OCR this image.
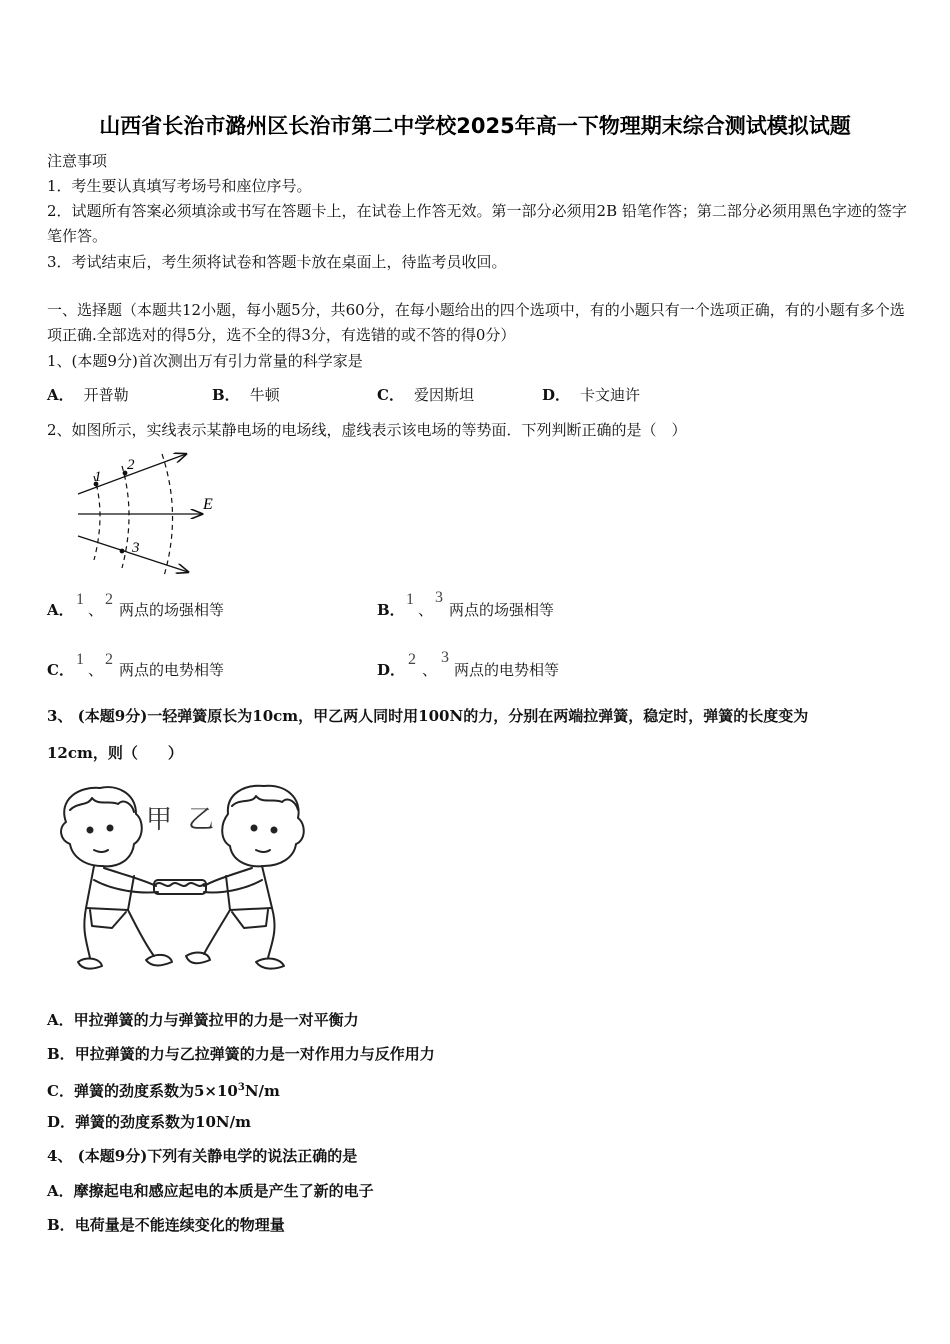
山西省长治市潞州区长治市第二中学校2025年高一下物理期末综合测试模拟试题
注意事项
1．考生要认真填写考场号和座位序号。
2．试题所有答案必须填涂或书写在答题卡上，在试卷上作答无效。第一部分必须用2B 铅笔作答；第二部分必须用黑色字迹的签字笔作答。
3．考试结束后，考生须将试卷和答题卡放在桌面上，待监考员收回。
一、选择题（本题共12小题，每小题5分，共60分，在每小题给出的四个选项中，有的小题只有一个选项正确，有的小题有多个选项正确.全部选对的得5分，选不全的得3分，有选错的或不答的得0分）
1、(本题9分)首次测出万有引力常量的科学家是
A． 开普勒	B． 牛顿	C． 爱因斯坦	D． 卡文迪许
2、如图所示，实线表示某静电场的电场线，虚线表示该电场的等势面．下列判断正确的是（　）
1
2
3
E
A．
1
、
2
两点的场强相等	B．
1
、
3
两点的场强相等
C．
1
、
2
两点的电势相等	D．
2
、
3
两点的电势相等
3、 (本题9分)一轻弹簧原长为10cm，甲乙两人同时用100N的力，分别在两端拉弹簧，稳定时，弹簧的长度变为
12cm，则（　　）
甲 乙
A．甲拉弹簧的力与弹簧拉甲的力是一对平衡力
B．甲拉弹簧的力与乙拉弹簧的力是一对作用力与反作用力
C．弹簧的劲度系数为$5\times 10^3N/m$
D．弹簧的劲度系数为10N/m
4、 (本题9分)下列有关静电学的说法正确的是
A．摩擦起电和感应起电的本质是产生了新的电子
B．电荷量是不能连续变化的物理量
